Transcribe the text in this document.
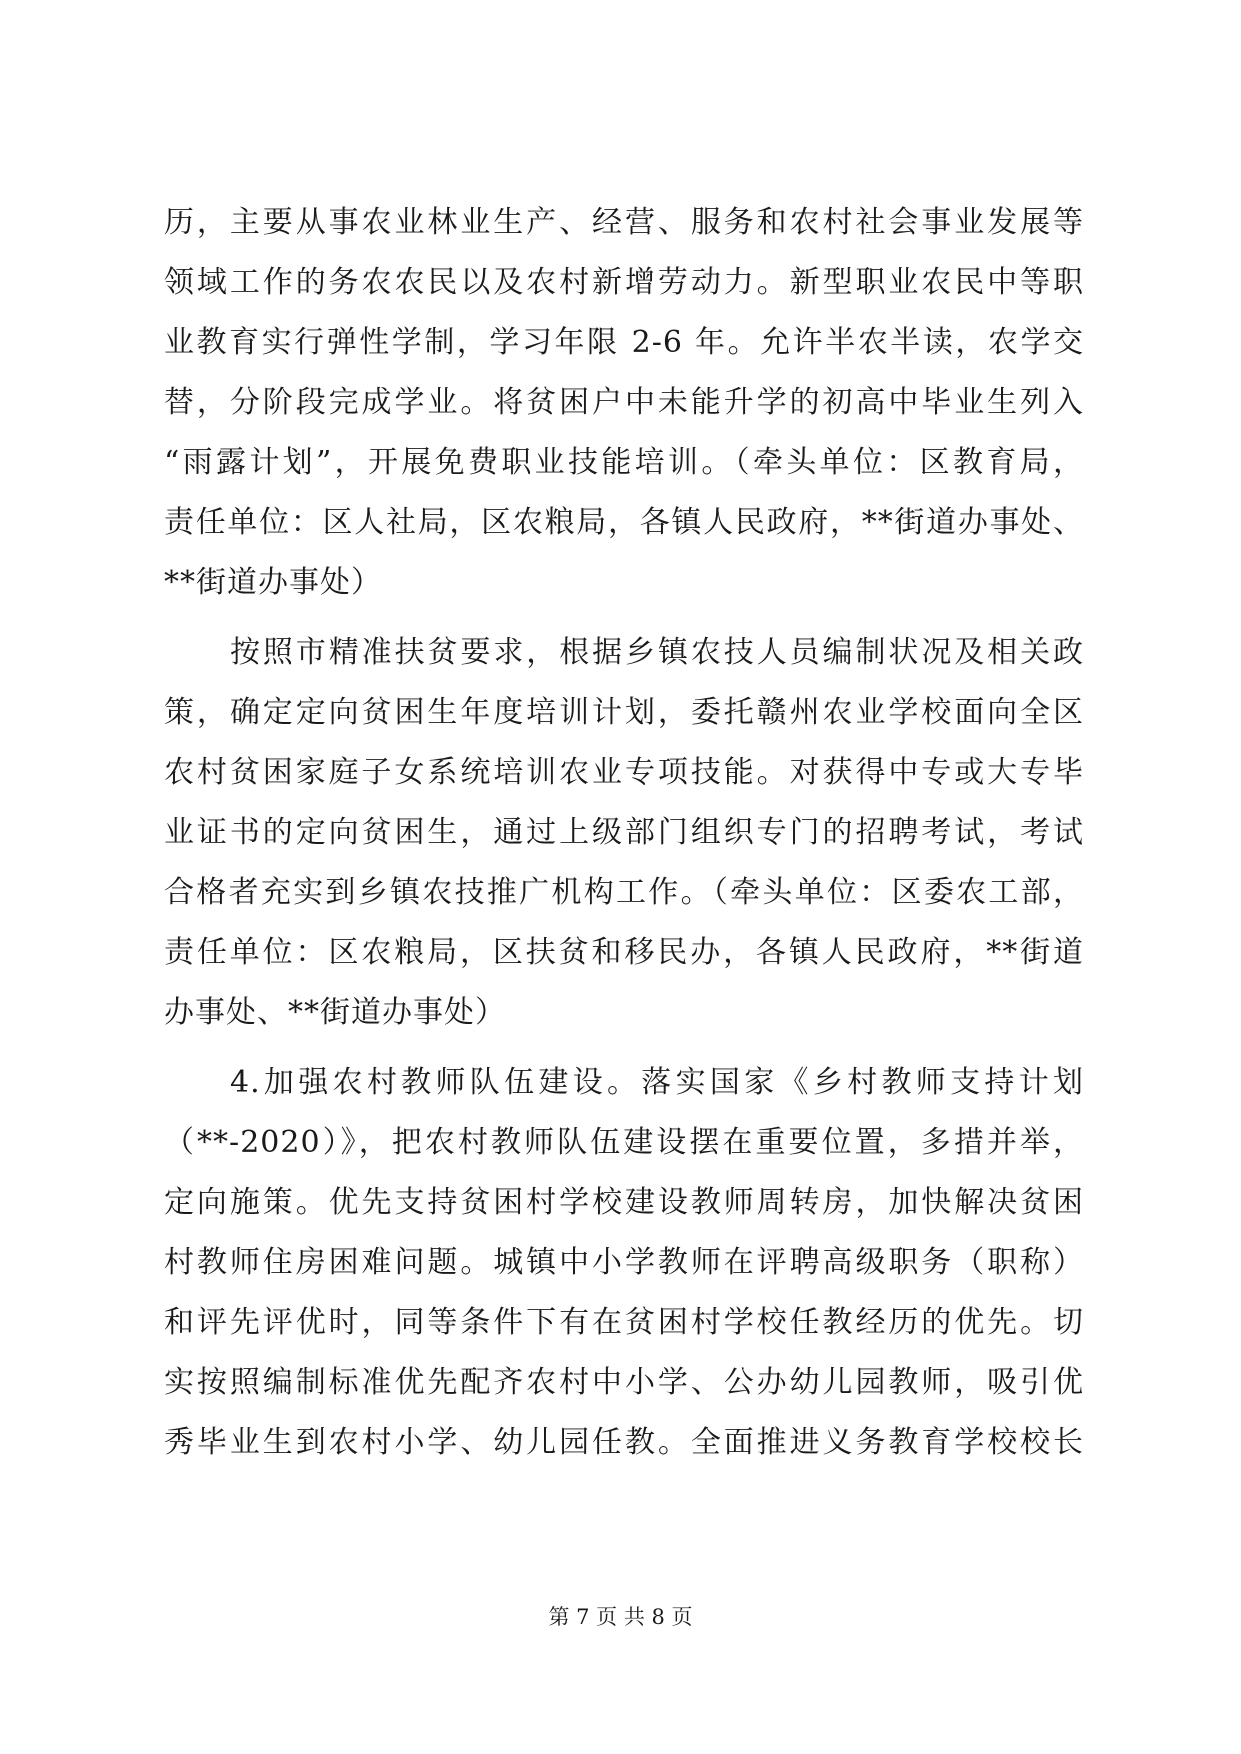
历，主要从事农业林业生产、经营、服务和农村社会事业发展等
领域工作的务农农民以及农村新增劳动力。新型职业农民中等职
业教育实行弹性学制，学习年限 2-6 年。允许半农半读，农学交
替，分阶段完成学业。将贫困户中未能升学的初高中毕业生列入
“雨露计划”，开展免费职业技能培训。（牵头单位：区教育局，
责任单位：区人社局，区农粮局，各镇人民政府，**街道办事处、
**街道办事处）
按照市精准扶贫要求，根据乡镇农技人员编制状况及相关政
策，确定定向贫困生年度培训计划，委托赣州农业学校面向全区
农村贫困家庭子女系统培训农业专项技能。对获得中专或大专毕
业证书的定向贫困生，通过上级部门组织专门的招聘考试，考试
合格者充实到乡镇农技推广机构工作。（牵头单位：区委农工部，
责任单位：区农粮局，区扶贫和移民办，各镇人民政府，**街道
办事处、**街道办事处）
4.加强农村教师队伍建设。落实国家《乡村教师支持计划
（**-2020）》，把农村教师队伍建设摆在重要位置，多措并举，
定向施策。优先支持贫困村学校建设教师周转房，加快解决贫困
村教师住房困难问题。城镇中小学教师在评聘高级职务（职称）
和评先评优时，同等条件下有在贫困村学校任教经历的优先。切
实按照编制标准优先配齐农村中小学、公办幼儿园教师，吸引优
秀毕业生到农村小学、幼儿园任教。全面推进义务教育学校校长
第 7 页 共 8 页
